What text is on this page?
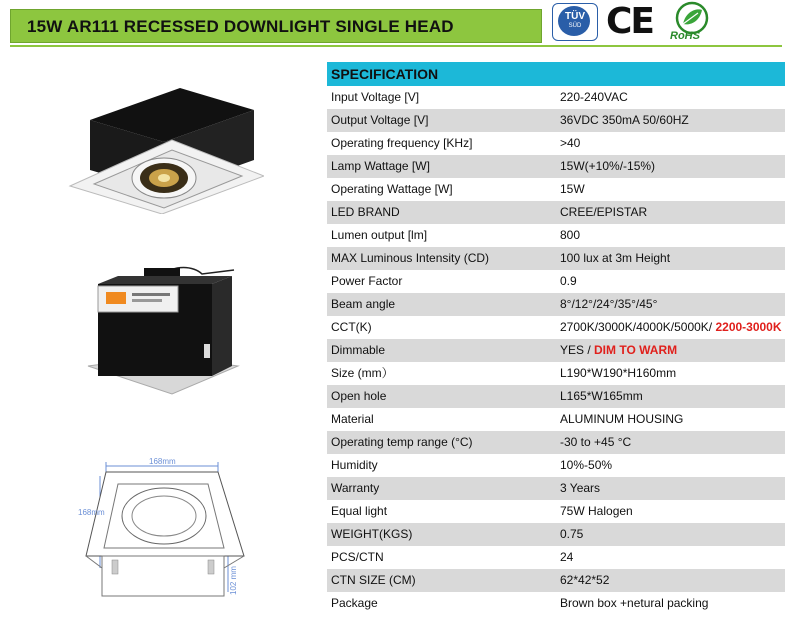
15W AR111 RECESSED DOWNLIGHT SINGLE HEAD
TÜV
SÜD CE	RoHS
168mm
168mm
102 mm
SPECIFICATION	
Input Voltage [V]	220-240VAC
Output Voltage [V]	36VDC 350mA 50/60HZ
Operating frequency [KHz]	>40
Lamp Wattage [W]	15W(+10%/-15%)
Operating Wattage [W]	15W
LED BRAND	CREE/EPISTAR
Lumen output [lm]	800
MAX Luminous Intensity (CD)	100 lux at 3m Height
Power Factor	0.9
Beam angle	8°/12°/24°/35°/45°
CCT(K)	2700K/3000K/4000K/5000K/ 2200-3000K
Dimmable	YES / DIM TO WARM
Size (mm）	L190*W190*H160mm
Open hole	L165*W165mm
Material	ALUMINUM HOUSING
Operating temp range (°C)	-30 to +45 °C
Humidity	10%-50%
Warranty	3 Years
Equal light	75W Halogen
WEIGHT(KGS)	0.75
PCS/CTN	24
CTN SIZE (CM)	62*42*52
Package	Brown box +netural packing
